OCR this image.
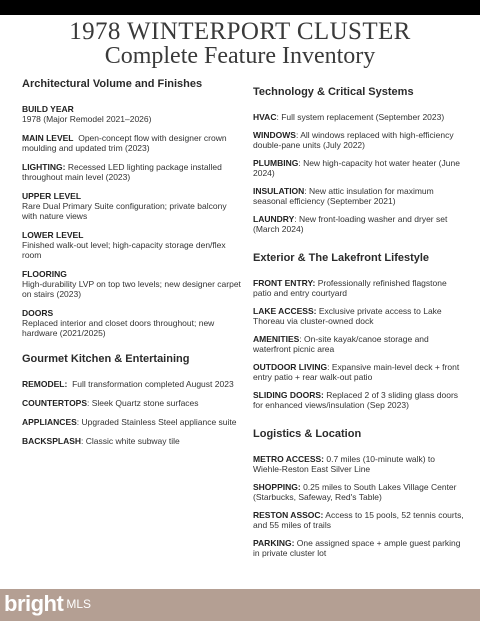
1978 WINTERPORT CLUSTER
Complete Feature Inventory
Architectural Volume and Finishes
BUILD YEAR
1978 (Major Remodel 2021–2026)
MAIN LEVEL Open-concept flow with designer crown moulding and updated trim (2023)
LIGHTING: Recessed LED lighting package installed throughout main level (2023)
UPPER LEVEL
Rare Dual Primary Suite configuration; private balcony with nature views
LOWER LEVEL
Finished walk-out level; high-capacity storage den/flex room
FLOORING
High-durability LVP on top two levels; new designer carpet on stairs (2023)
DOORS
Replaced interior and closet doors throughout; new hardware (2021/2025)
Gourmet Kitchen & Entertaining
REMODEL: Full transformation completed August 2023
COUNTERTOPS: Sleek Quartz stone surfaces
APPLIANCES: Upgraded Stainless Steel appliance suite
BACKSPLASH: Classic white subway tile
Technology & Critical Systems
HVAC: Full system replacement (September 2023)
WINDOWS: All windows replaced with high-efficiency double-pane units (July 2022)
PLUMBING: New high-capacity hot water heater (June 2024)
INSULATION: New attic insulation for maximum seasonal efficiency (September 2021)
LAUNDRY: New front-loading washer and dryer set (March 2024)
Exterior & The Lakefront Lifestyle
FRONT ENTRY: Professionally refinished flagstone patio and entry courtyard
LAKE ACCESS: Exclusive private access to Lake Thoreau via cluster-owned dock
AMENITIES: On-site kayak/canoe storage and waterfront picnic area
OUTDOOR LIVING: Expansive main-level deck + front entry patio + rear walk-out patio
SLIDING DOORS: Replaced 2 of 3 sliding glass doors for enhanced views/insulation (Sep 2023)
Logistics & Location
METRO ACCESS: 0.7 miles (10-minute walk) to Wiehle-Reston East Silver Line
SHOPPING: 0.25 miles to South Lakes Village Center (Starbucks, Safeway, Red's Table)
RESTON ASSOC: Access to 15 pools, 52 tennis courts, and 55 miles of trails
PARKING: One assigned space + ample guest parking in private cluster lot
bright MLS
